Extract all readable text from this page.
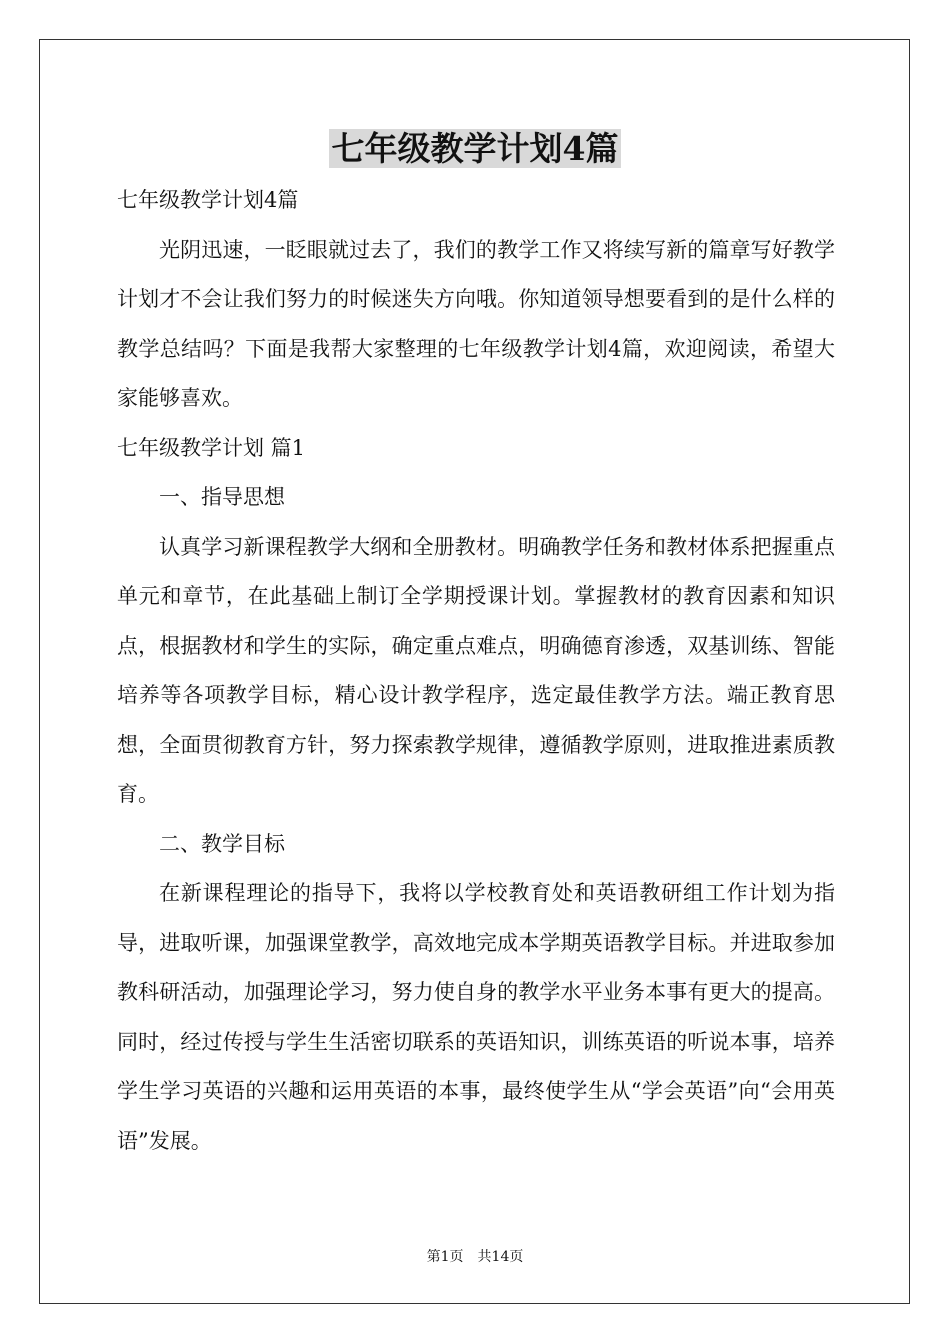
七年级教学计划4篇

七年级教学计划4篇

光阴迅速，一眨眼就过去了，我们的教学工作又将续写新的篇章写好教学计划才不会让我们努力的时候迷失方向哦。你知道领导想要看到的是什么样的教学总结吗？下面是我帮大家整理的七年级教学计划4篇，欢迎阅读，希望大家能够喜欢。

七年级教学计划 篇1

一、指导思想

认真学习新课程教学大纲和全册教材。明确教学任务和教材体系把握重点单元和章节，在此基础上制订全学期授课计划。掌握教材的教育因素和知识点，根据教材和学生的实际，确定重点难点，明确德育渗透，双基训练、智能培养等各项教学目标，精心设计教学程序，选定最佳教学方法。端正教育思想，全面贯彻教育方针，努力探索教学规律，遵循教学原则，进取推进素质教育。

二、教学目标

在新课程理论的指导下，我将以学校教育处和英语教研组工作计划为指导，进取听课，加强课堂教学，高效地完成本学期英语教学目标。并进取参加教科研活动，加强理论学习，努力使自身的教学水平业务本事有更大的提高。同时，经过传授与学生生活密切联系的英语知识，训练英语的听说本事，培养学生学习英语的兴趣和运用英语的本事，最终使学生从“学会英语”向“会用英语”发展。

第1页 共14页
